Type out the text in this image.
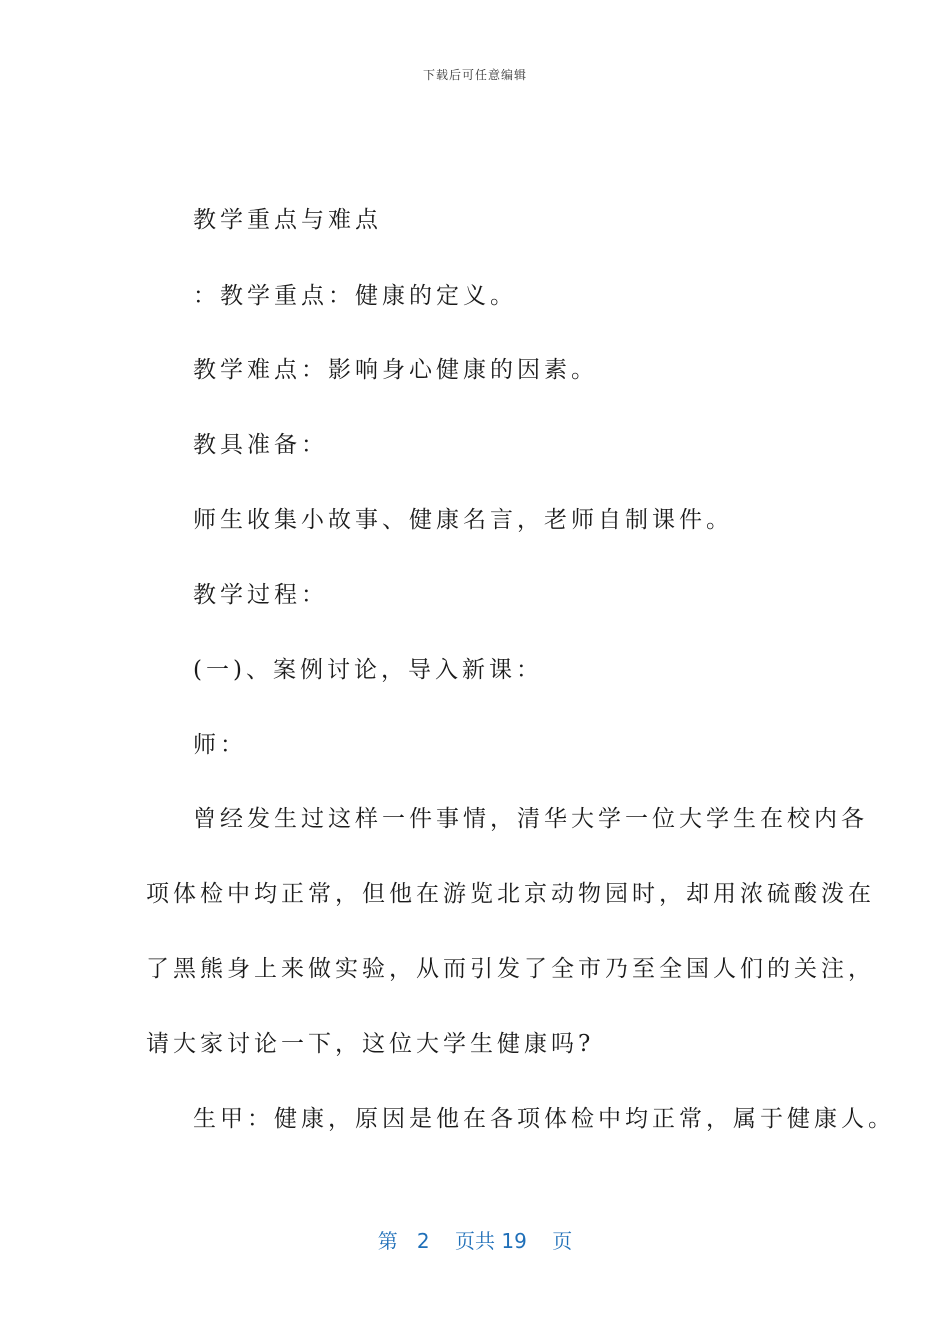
下载后可任意编辑
教学重点与难点
：教学重点：健康的定义。
教学难点：影响身心健康的因素。
教具准备：
师生收集小故事、健康名言，老师自制课件。
教学过程：
(一)、案例讨论，导入新课：
师：
曾经发生过这样一件事情，清华大学一位大学生在校内各
项体检中均正常，但他在游览北京动物园时，却用浓硫酸泼在
了黑熊身上来做实验，从而引发了全市乃至全国人们的关注，
请大家讨论一下，这位大学生健康吗?
生甲：健康，原因是他在各项体检中均正常，属于健康人。
第 2 页共 19 页
